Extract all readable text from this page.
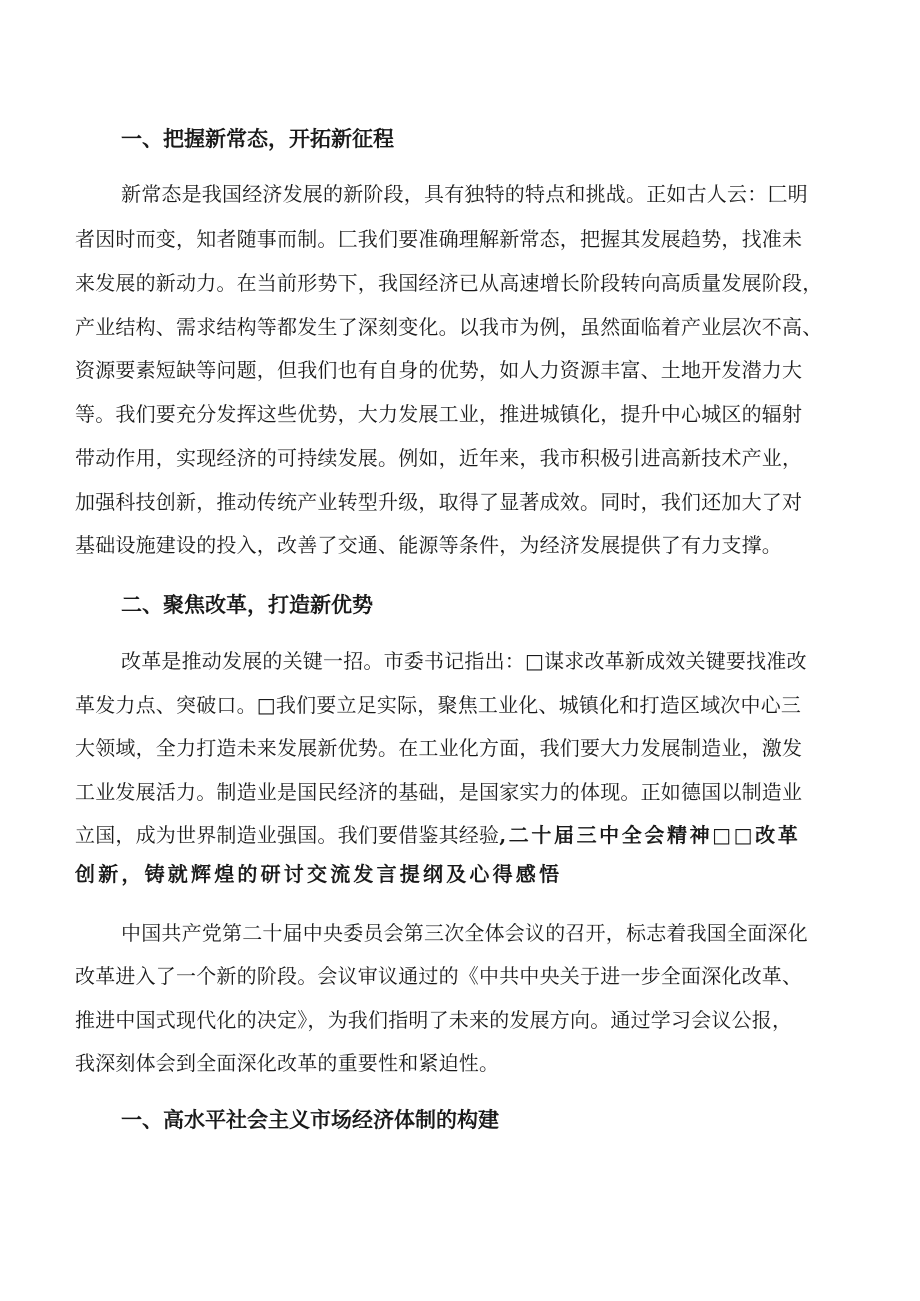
一、把握新常态，开拓新征程

新常态是我国经济发展的新阶段，具有独特的特点和挑战。正如古人云：匚明

者因时而变，知者随事而制。匚我们要准确理解新常态，把握其发展趋势，找准未

来发展的新动力。在当前形势下，我国经济已从高速增长阶段转向高质量发展阶段，

产业结构、需求结构等都发生了深刻变化。以我市为例，虽然面临着产业层次不高、

资源要素短缺等问题，但我们也有自身的优势，如人力资源丰富、土地开发潜力大

等。我们要充分发挥这些优势，大力发展工业，推进城镇化，提升中心城区的辐射

带动作用，实现经济的可持续发展。例如，近年来，我市积极引进高新技术产业，

加强科技创新，推动传统产业转型升级，取得了显著成效。同时，我们还加大了对

基础设施建设的投入，改善了交通、能源等条件，为经济发展提供了有力支撑。

二、聚焦改革，打造新优势

改革是推动发展的关键一招。市委书记指出：□谋求改革新成效关键要找准改

革发力点、突破口。□我们要立足实际，聚焦工业化、城镇化和打造区域次中心三

大领域，全力打造未来发展新优势。在工业化方面，我们要大力发展制造业，激发

工业发展活力。制造业是国民经济的基础，是国家实力的体现。正如德国以制造业

立国，成为世界制造业强国。我们要借鉴其经验,二十届三中全会精神□□改革

创新，铸就辉煌的研讨交流发言提纲及心得感悟

中国共产党第二十届中央委员会第三次全体会议的召开，标志着我国全面深化

改革进入了一个新的阶段。会议审议通过的《中共中央关于进一步全面深化改革、

推进中国式现代化的决定》，为我们指明了未来的发展方向。通过学习会议公报，

我深刻体会到全面深化改革的重要性和紧迫性。

一、高水平社会主义市场经济体制的构建
